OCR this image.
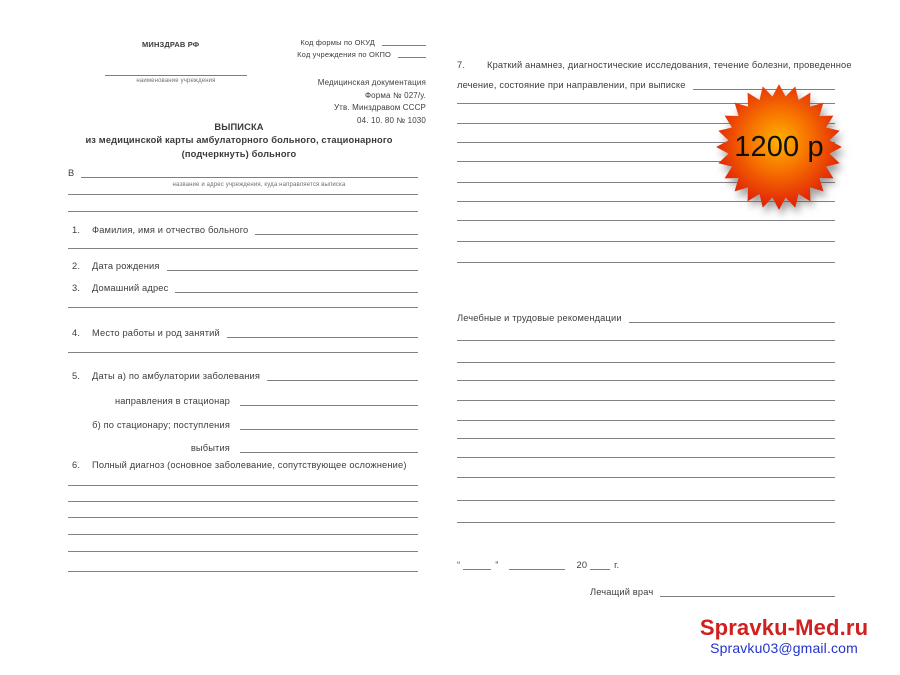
МИНЗДРАВ РФ	Код формы по ОКУД
Код учреждения по ОКПО
наименование учреждения	Медицинская документация
Форма № 027/у.
Утв. Минздравом СССР
04. 10. 80 № 1030
ВЫПИСКА
из медицинской карты амбулаторного больного, стационарного
(подчеркнуть) больного
В
название и адрес учреждения, куда направляется выписка
1.	Фамилия, имя и отчество больного
2.	Дата рождения
3.	Домашний адрес
4.	Место работы и род занятий
5.	Даты а) по амбулатории заболевания
направления в стационар
б) по стационару; поступления
выбытия
6.	Полный диагноз (основное заболевание, сопутствующее осложнение)
7.	Краткий анамнез, диагностические исследования, течение болезни, проведенное
лечение, состояние при направлении, при выписке
Лечебные и трудовые рекомендации
“	”	20	г.
Лечащий врач
1200 р
Spravku-Med.ru
Spravku03@gmail.com
